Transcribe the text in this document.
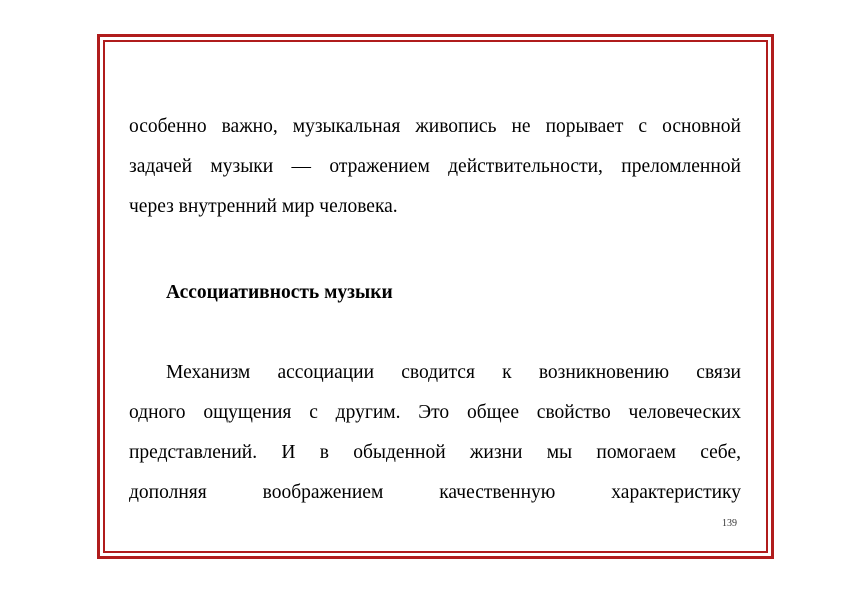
особенно важно, музыкальная живопись не порывает с основной

задачей музыки — отражением действительности, преломленной

через внутренний мир человека.

Ассоциативность музыки

Механизм ассоциации сводится к возникновению связи

одного ощущения с другим. Это общее свойство человеческих

представлений. И в обыденной жизни мы помогаем себе,

дополняя воображением качественную характеристику

139
